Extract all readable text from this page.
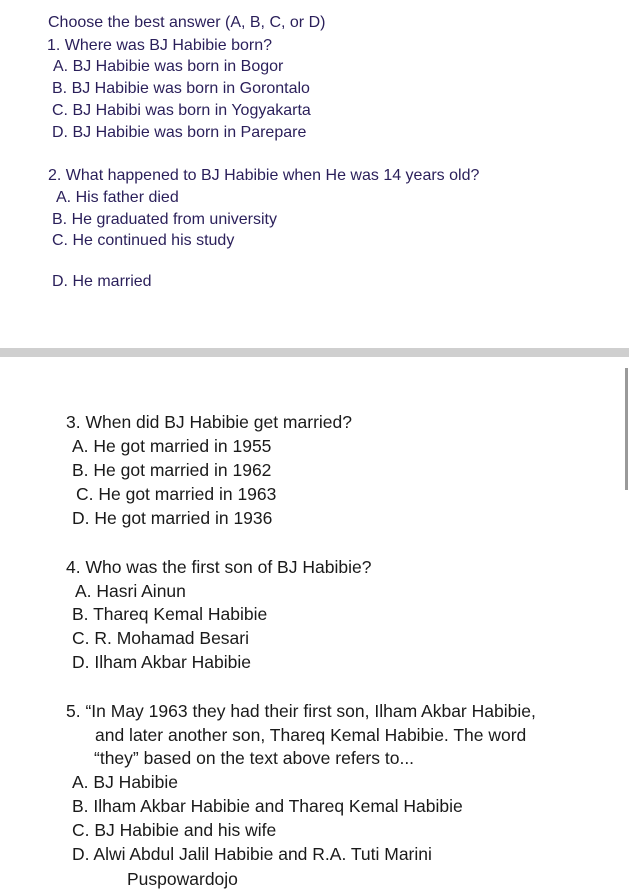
Choose the best answer (A, B, C, or D)
1. Where was BJ Habibie born?
A. BJ Habibie was born in Bogor
B. BJ Habibie was born in Gorontalo
C. BJ Habibi was born in Yogyakarta
D. BJ Habibie was born in Parepare
2. What happened to BJ Habibie when He was 14 years old?
A. His father died
B. He graduated from university
C. He continued his study
D. He married
3. When did BJ Habibie get married?
A. He got married in 1955
B. He got married in 1962
C. He got married in 1963
D. He got married in 1936
4. Who was the first son of BJ Habibie?
A. Hasri Ainun
B. Thareq Kemal Habibie
C. R. Mohamad Besari
D. Ilham Akbar Habibie
5. “In May 1963 they had their first son, Ilham Akbar Habibie,
and later another son, Thareq Kemal Habibie. The word
“they” based on the text above refers to...
A. BJ Habibie
B. Ilham Akbar Habibie and Thareq Kemal Habibie
C. BJ Habibie and his wife
D. Alwi Abdul Jalil Habibie and R.A. Tuti Marini
Puspowardojo
